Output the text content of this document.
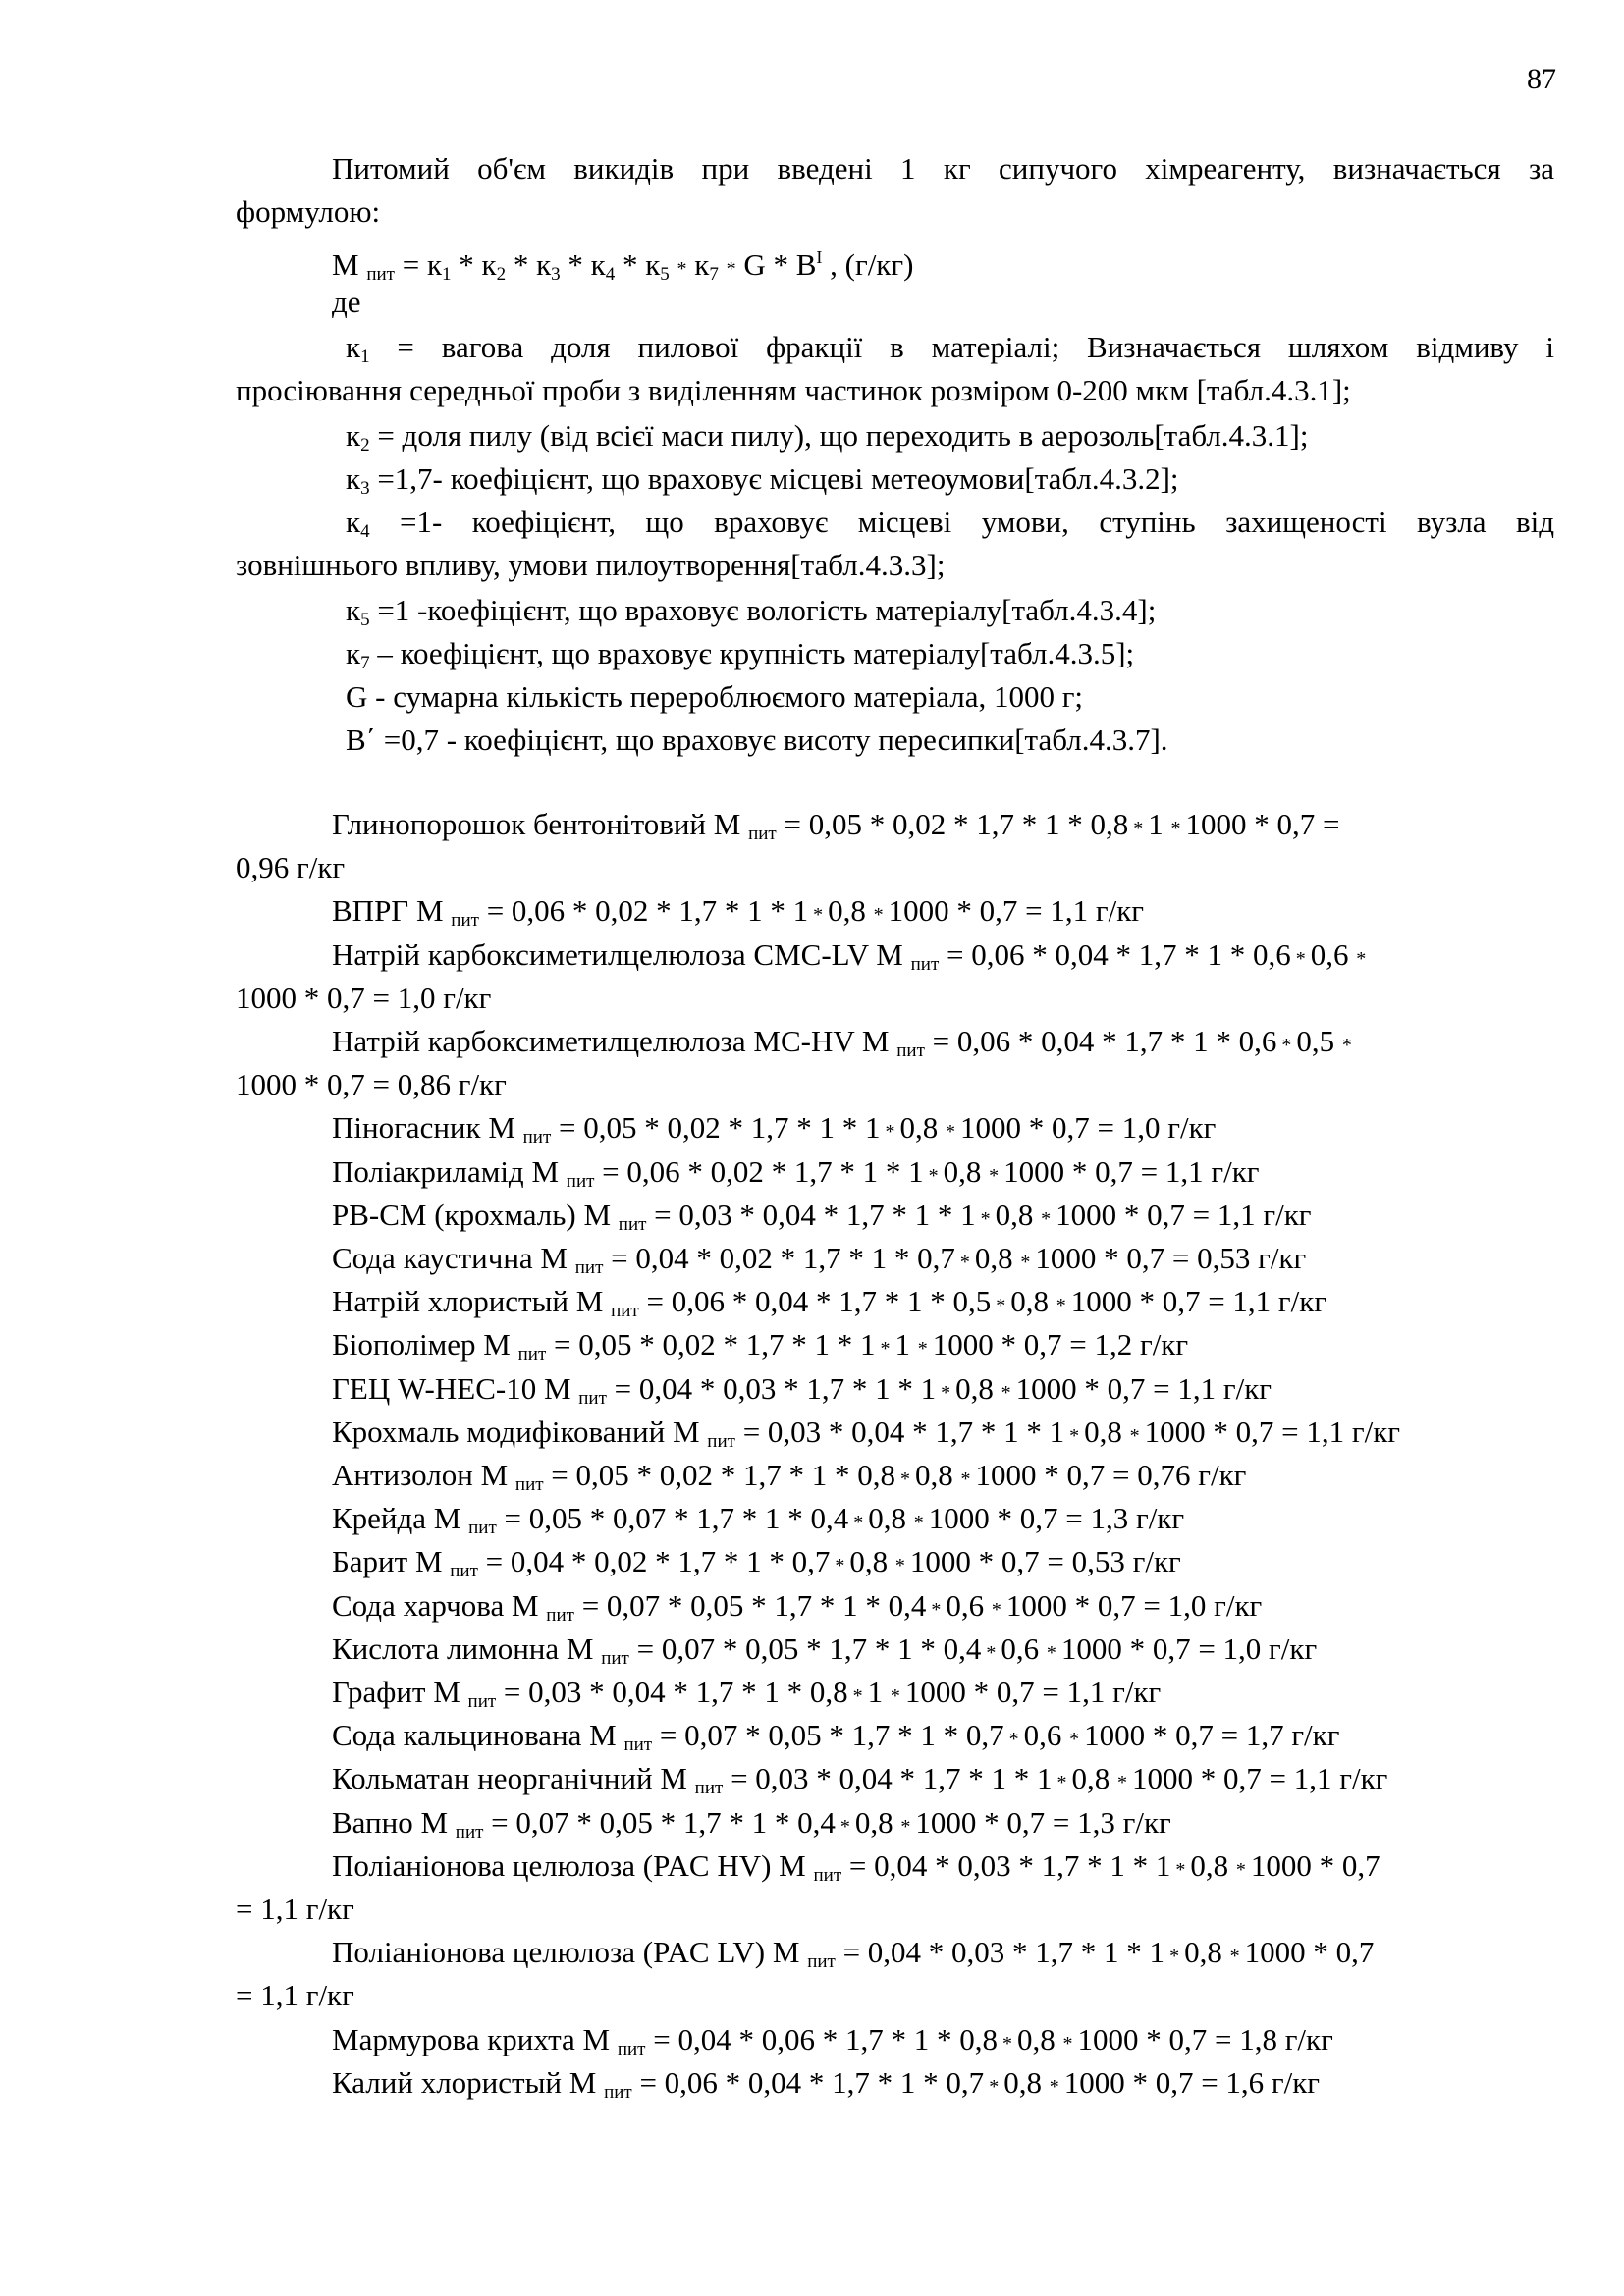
87
Питомий об'єм викидів при введені 1 кг сипучого хімреагенту, визначається за
формулою:
М $_{пит} = к_1 * к_2 * к_3 * к_4 * к_5 * к_7 * G * B^I$ , (г/кг)
де
$к_1$ = вагова доля пилової фракції в матеріалі; Визначається шляхом відмиву і
просіювання середньої проби з виділенням частинок розміром 0-200 мкм [табл.4.3.1];
$к_2$ = доля пилу (від всієї маси пилу), що переходить в аерозоль[табл.4.3.1];
$к_3 =1,7-$ коефіцієнт, що враховує місцеві метеоумови[табл.4.3.2];
$к_4 =1-$ коефіцієнт, що враховує місцеві умови, ступінь захищеності вузла від
зовнішнього впливу, умови пилоутворення[табл.4.3.3];
$к_5 =1$ -коефіцієнт, що враховує вологість матеріалу[табл.4.3.4];
$к_7$ – коефіцієнт, що враховує крупність матеріалу[табл.4.3.5];
G - сумарна кількість перероблюємого матеріала, 1000 г;
B΄ =0,7 - коефіцієнт, що враховує висоту пересипки[табл.4.3.7].
Глинопорошок бентонітовий М $_{пит}$ = 0,05 * 0,02 * 1,7 * 1 * 0,8 * 1 * 1000 * 0,7 =
0,96 г/кг
ВПРГ М $_{пит}$ = 0,06 * 0,02 * 1,7 * 1 * 1 * 0,8 * 1000 * 0,7 = 1,1 г/кг
Натрій карбоксиметилцелюлоза CMC-LV М $_{пит}$ = 0,06 * 0,04 * 1,7 * 1 * 0,6 * 0,6 *
1000 * 0,7 = 1,0 г/кг
Натрій карбоксиметилцелюлоза MC-HV М $_{пит}$ = 0,06 * 0,04 * 1,7 * 1 * 0,6 * 0,5 *
1000 * 0,7 = 0,86 г/кг
Піногасник М $_{пит}$ = 0,05 * 0,02 * 1,7 * 1 * 1 * 0,8 * 1000 * 0,7 = 1,0 г/кг
Поліакриламід М $_{пит}$ = 0,06 * 0,02 * 1,7 * 1 * 1 * 0,8 * 1000 * 0,7 = 1,1 г/кг
PB-CM (крохмаль) М $_{пит}$ = 0,03 * 0,04 * 1,7 * 1 * 1 * 0,8 * 1000 * 0,7 = 1,1 г/кг
Сода каустична М $_{пит}$ = 0,04 * 0,02 * 1,7 * 1 * 0,7 * 0,8 * 1000 * 0,7 = 0,53 г/кг
Натрій хлористый М $_{пит}$ = 0,06 * 0,04 * 1,7 * 1 * 0,5 * 0,8 * 1000 * 0,7 = 1,1 г/кг
Біополімер М $_{пит}$ = 0,05 * 0,02 * 1,7 * 1 * 1 * 1 * 1000 * 0,7 = 1,2 г/кг
ГЕЦ W-HEC-10 М $_{пит}$ = 0,04 * 0,03 * 1,7 * 1 * 1 * 0,8 * 1000 * 0,7 = 1,1 г/кг
Крохмаль модифікований М $_{пит}$ = 0,03 * 0,04 * 1,7 * 1 * 1 * 0,8 * 1000 * 0,7 = 1,1 г/кг
Антизолон М $_{пит}$ = 0,05 * 0,02 * 1,7 * 1 * 0,8 * 0,8 * 1000 * 0,7 = 0,76 г/кг
Крейда М $_{пит}$ = 0,05 * 0,07 * 1,7 * 1 * 0,4 * 0,8 * 1000 * 0,7 = 1,3 г/кг
Барит М $_{пит}$ = 0,04 * 0,02 * 1,7 * 1 * 0,7 * 0,8 * 1000 * 0,7 = 0,53 г/кг
Сода харчова М $_{пит}$ = 0,07 * 0,05 * 1,7 * 1 * 0,4 * 0,6 * 1000 * 0,7 = 1,0 г/кг
Кислота лимонна М $_{пит}$ = 0,07 * 0,05 * 1,7 * 1 * 0,4 * 0,6 * 1000 * 0,7 = 1,0 г/кг
Графит М $_{пит}$ = 0,03 * 0,04 * 1,7 * 1 * 0,8 * 1 * 1000 * 0,7 = 1,1 г/кг
Сода кальцинована М $_{пит}$ = 0,07 * 0,05 * 1,7 * 1 * 0,7 * 0,6 * 1000 * 0,7 = 1,7 г/кг
Кольматан неорганічний М $_{пит}$ = 0,03 * 0,04 * 1,7 * 1 * 1 * 0,8 * 1000 * 0,7 = 1,1 г/кг
Вапно М $_{пит}$ = 0,07 * 0,05 * 1,7 * 1 * 0,4 * 0,8 * 1000 * 0,7 = 1,3 г/кг
Поліаніонова целюлоза (PAC HV) М $_{пит}$ = 0,04 * 0,03 * 1,7 * 1 * 1 * 0,8 * 1000 * 0,7
= 1,1 г/кг
Поліаніонова целюлоза (PAC LV) М $_{пит}$ = 0,04 * 0,03 * 1,7 * 1 * 1 * 0,8 * 1000 * 0,7
= 1,1 г/кг
Мармурова крихта М $_{пит}$ = 0,04 * 0,06 * 1,7 * 1 * 0,8 * 0,8 * 1000 * 0,7 = 1,8 г/кг
Калий хлористый М $_{пит}$ = 0,06 * 0,04 * 1,7 * 1 * 0,7 * 0,8 * 1000 * 0,7 = 1,6 г/кг
